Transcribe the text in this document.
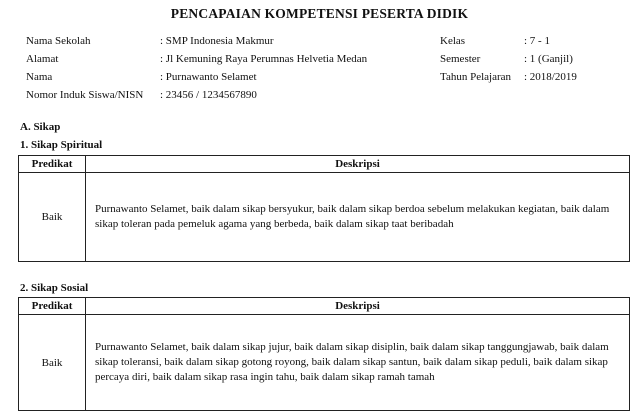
PENCAPAIAN KOMPETENSI PESERTA DIDIK
Nama Sekolah	: SMP Indonesia Makmur
Alamat	: Jl Kemuning Raya Perumnas Helvetia Medan
Nama	: Purnawanto Selamet
Nomor Induk Siswa/NISN : 23456 / 1234567890
Kelas	: 7 - 1
Semester	: 1 (Ganjil)
Tahun Pelajaran : 2018/2019
A. Sikap
1. Sikap Spiritual
Predikat	Deskripsi
Baik	Purnawanto Selamet, baik dalam sikap bersyukur, baik dalam sikap berdoa sebelum melakukan kegiatan, baik dalam sikap toleran pada pemeluk agama yang berbeda, baik dalam sikap taat beribadah
2. Sikap Sosial
Predikat	Deskripsi
Baik	Purnawanto Selamet, baik dalam sikap jujur, baik dalam sikap disiplin, baik dalam sikap tanggungjawab, baik dalam sikap toleransi, baik dalam sikap gotong royong, baik dalam sikap santun, baik dalam sikap peduli, baik dalam sikap percaya diri, baik dalam sikap rasa ingin tahu, baik dalam sikap ramah tamah
